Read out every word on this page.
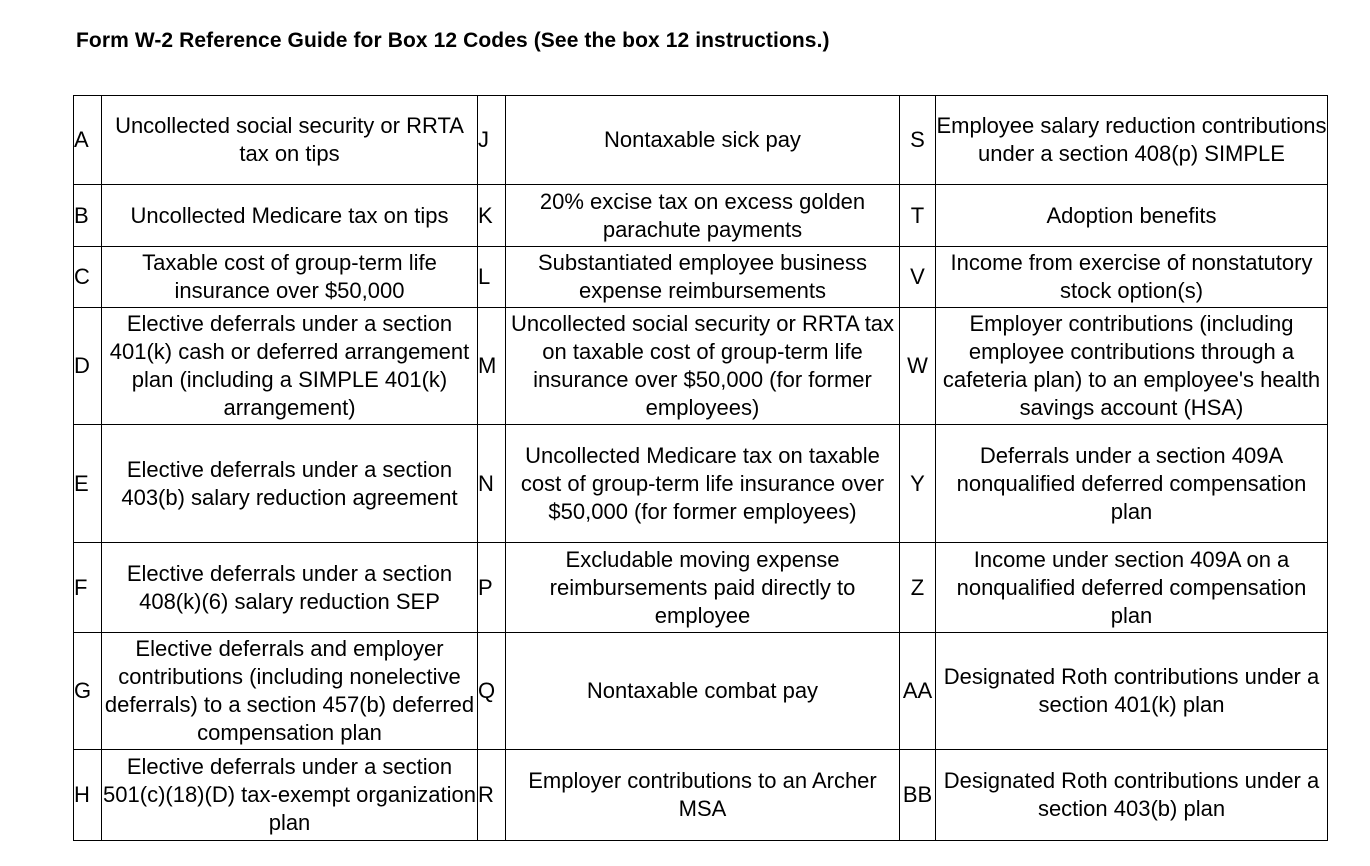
Form W-2 Reference Guide for Box 12 Codes (See the box 12 instructions.)
A	Uncollected social security or RRTA tax on tips	J	Nontaxable sick pay	S	Employee salary reduction contributions under a section 408(p) SIMPLE
B	Uncollected Medicare tax on tips	K	20% excise tax on excess golden parachute payments	T	Adoption benefits
C	Taxable cost of group-term life insurance over $50,000	L	Substantiated employee business expense reimbursements	V	Income from exercise of nonstatutory stock option(s)
D	Elective deferrals under a section 401(k) cash or deferred arrangement plan (including a SIMPLE 401(k) arrangement)	M	Uncollected social security or RRTA tax on taxable cost of group-term life insurance over $50,000 (for former employees)	W	Employer contributions (including employee contributions through a cafeteria plan) to an employee's health savings account (HSA)
E	Elective deferrals under a section 403(b) salary reduction agreement	N	Uncollected Medicare tax on taxable cost of group-term life insurance over $50,000 (for former employees)	Y	Deferrals under a section 409A nonqualified deferred compensation plan
F	Elective deferrals under a section 408(k)(6) salary reduction SEP	P	Excludable moving expense reimbursements paid directly to employee	Z	Income under section 409A on a nonqualified deferred compensation plan
G	Elective deferrals and employer contributions (including nonelective deferrals) to a section 457(b) deferred compensation plan	Q	Nontaxable combat pay	AA	Designated Roth contributions under a section 401(k) plan
H	Elective deferrals under a section 501(c)(18)(D) tax-exempt organization plan	R	Employer contributions to an Archer MSA	BB	Designated Roth contributions under a section 403(b) plan
